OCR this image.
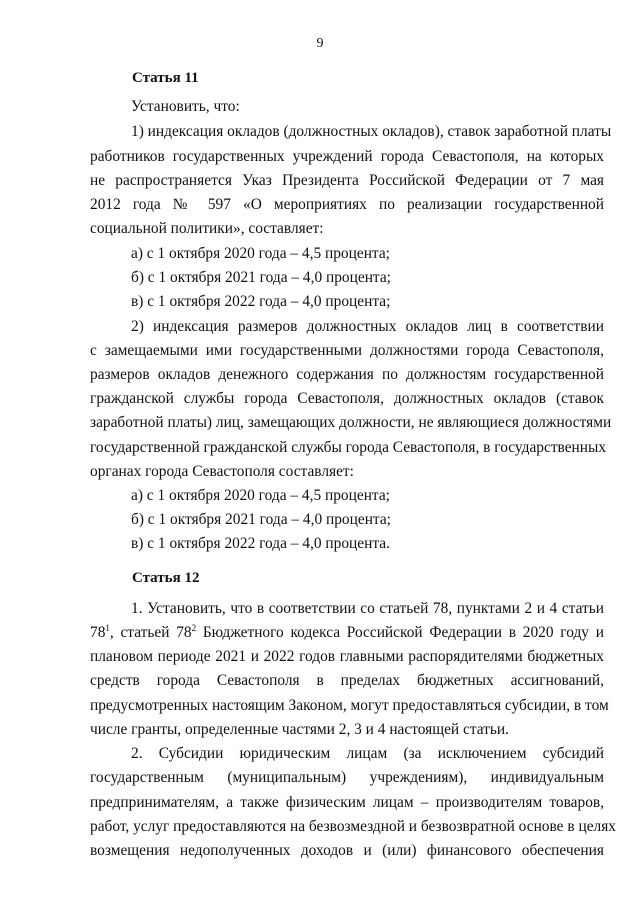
9
Статья 11
Установить, что:
1) индексация окладов (должностных окладов), ставок заработной платы
работников государственных учреждений города Севастополя, на которых
не распространяется Указ Президента Российской Федерации от 7 мая
2012 года № 597 «О мероприятиях по реализации государственной
социальной политики», составляет:
а) с 1 октября 2020 года – 4,5 процента;
б) с 1 октября 2021 года – 4,0 процента;
в) с 1 октября 2022 года – 4,0 процента;
2) индексация размеров должностных окладов лиц в соответствии
с замещаемыми ими государственными должностями города Севастополя,
размеров окладов денежного содержания по должностям государственной
гражданской службы города Севастополя, должностных окладов (ставок
заработной платы) лиц, замещающих должности, не являющиеся должностями
государственной гражданской службы города Севастополя, в государственных
органах города Севастополя составляет:
а) с 1 октября 2020 года – 4,5 процента;
б) с 1 октября 2021 года – 4,0 процента;
в) с 1 октября 2022 года – 4,0 процента.
Статья 12
1. Установить, что в соответствии со статьей 78, пунктами 2 и 4 статьи
$78^1$, статьей $78^2$ Бюджетного кодекса Российской Федерации в 2020 году и
плановом периоде 2021 и 2022 годов главными распорядителями бюджетных
средств города Севастополя в пределах бюджетных ассигнований,
предусмотренных настоящим Законом, могут предоставляться субсидии, в том
числе гранты, определенные частями 2, 3 и 4 настоящей статьи.
2. Субсидии юридическим лицам (за исключением субсидий
государственным (муниципальным) учреждениям), индивидуальным
предпринимателям, а также физическим лицам – производителям товаров,
работ, услуг предоставляются на безвозмездной и безвозвратной основе в целях
возмещения недополученных доходов и (или) финансового обеспечения
